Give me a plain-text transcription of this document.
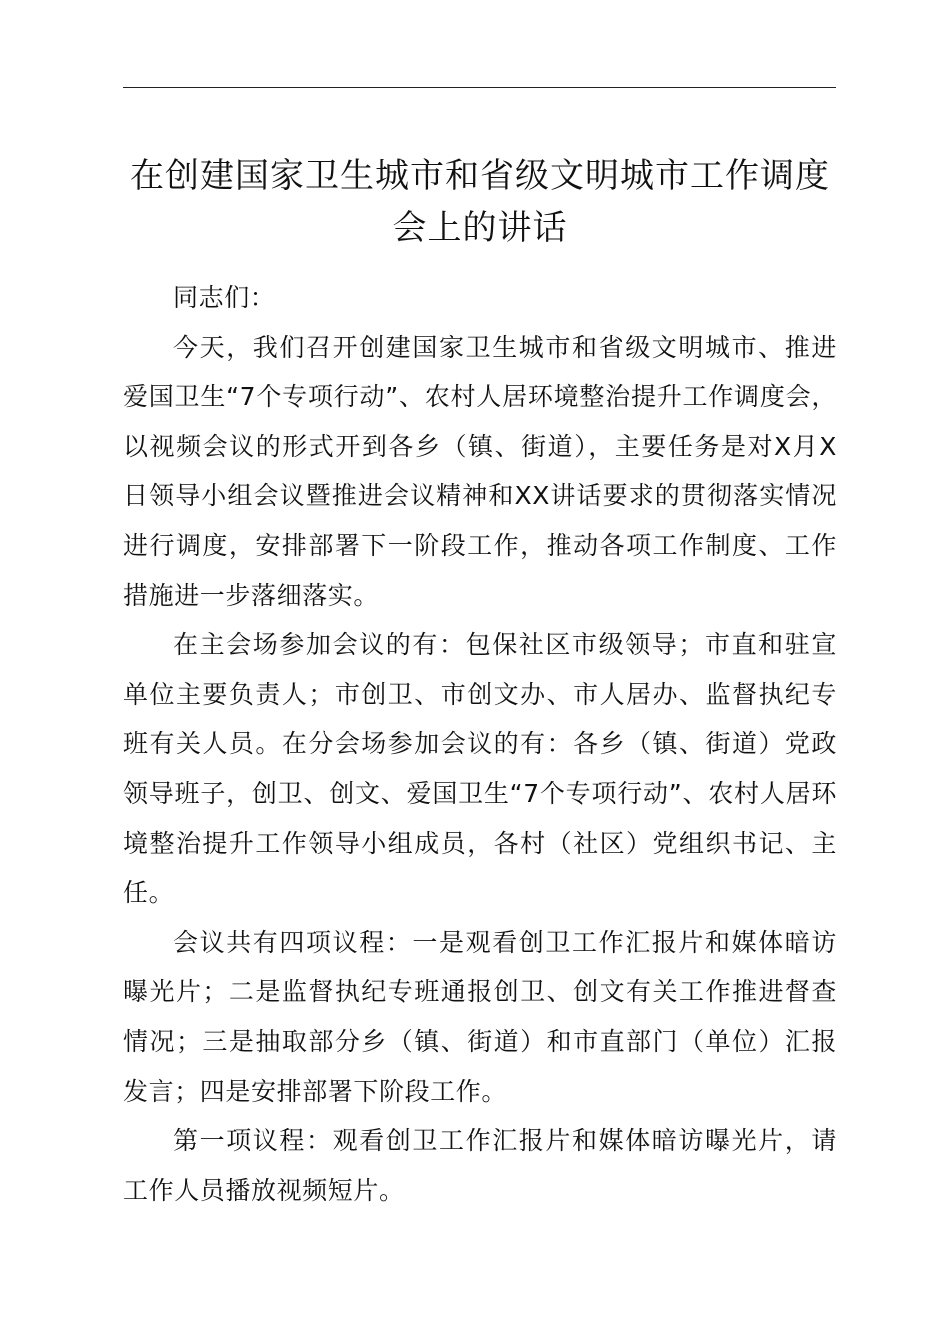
在创建国家卫生城市和省级文明城市工作调度
会上的讲话

同志们：

今天，我们召开创建国家卫生城市和省级文明城市、推进爱国卫生“7个专项行动”、农村人居环境整治提升工作调度会，以视频会议的形式开到各乡（镇、街道），主要任务是对X月X日领导小组会议暨推进会议精神和XX讲话要求的贯彻落实情况进行调度，安排部署下一阶段工作，推动各项工作制度、工作措施进一步落细落实。

在主会场参加会议的有：包保社区市级领导；市直和驻宣单位主要负责人；市创卫、市创文办、市人居办、监督执纪专班有关人员。在分会场参加会议的有：各乡（镇、街道）党政领导班子，创卫、创文、爱国卫生“7个专项行动”、农村人居环境整治提升工作领导小组成员，各村（社区）党组织书记、主任。

会议共有四项议程：一是观看创卫工作汇报片和媒体暗访曝光片；二是监督执纪专班通报创卫、创文有关工作推进督查情况；三是抽取部分乡（镇、街道）和市直部门（单位）汇报发言；四是安排部署下阶段工作。

第一项议程：观看创卫工作汇报片和媒体暗访曝光片，请工作人员播放视频短片。
